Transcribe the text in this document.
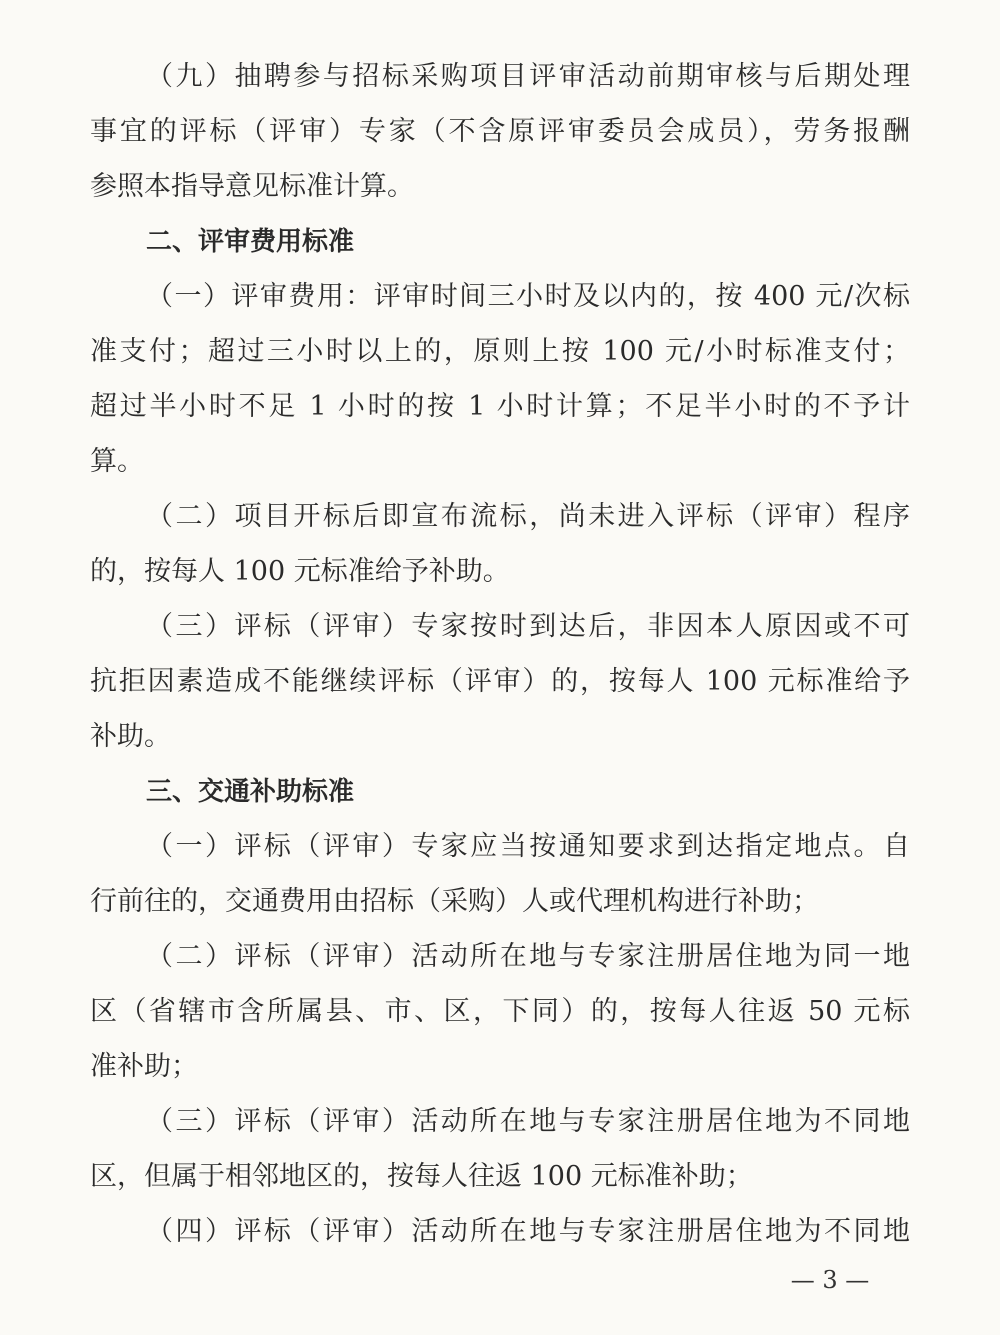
（九）抽聘参与招标采购项目评审活动前期审核与后期处理
事宜的评标（评审）专家（不含原评审委员会成员），劳务报酬
参照本指导意见标准计算。
二、评审费用标准
（一）评审费用：评审时间三小时及以内的，按 400 元/次标
准支付；超过三小时以上的，原则上按 100 元/小时标准支付；
超过半小时不足 1 小时的按 1 小时计算；不足半小时的不予计
算。
（二）项目开标后即宣布流标，尚未进入评标（评审）程序
的，按每人 100 元标准给予补助。
（三）评标（评审）专家按时到达后，非因本人原因或不可
抗拒因素造成不能继续评标（评审）的，按每人 100 元标准给予
补助。
三、交通补助标准
（一）评标（评审）专家应当按通知要求到达指定地点。自
行前往的，交通费用由招标（采购）人或代理机构进行补助；
（二）评标（评审）活动所在地与专家注册居住地为同一地
区（省辖市含所属县、市、区，下同）的，按每人往返 50 元标
准补助；
（三）评标（评审）活动所在地与专家注册居住地为不同地
区，但属于相邻地区的，按每人往返 100 元标准补助；
（四）评标（评审）活动所在地与专家注册居住地为不同地
— 3 —
